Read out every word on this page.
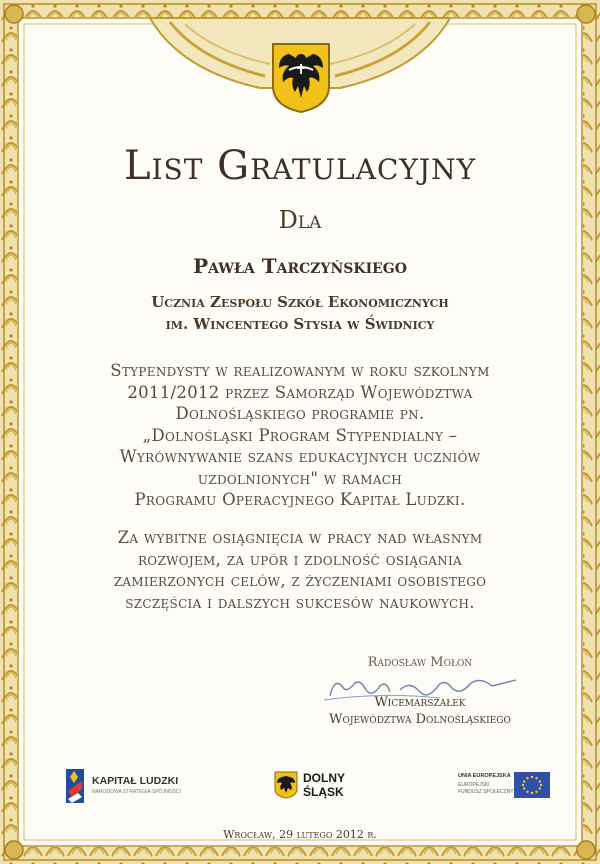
List Gratulacyjny
Dla
Pawła Tarczyńskiego
Ucznia Zespołu Szkół Ekonomicznych
im. Wincentego Stysia w Świdnicy
Stypendysty w realizowanym w roku szkolnym
2011/2012 przez Samorząd Województwa
Dolnośląskiego programie pn.
„Dolnośląski Program Stypendialny –
Wyrównywanie szans edukacyjnych uczniów
uzdolnionych" w ramach
Programu Operacyjnego Kapitał Ludzki.
Za wybitne osiągnięcia w pracy nad własnym
rozwojem, za upór i zdolność osiągania
zamierzonych celów, z życzeniami osobistego
szczęścia i dalszych sukcesów naukowych.
Radosław Mołoń
Wicemarszałek
Województwa Dolnośląskiego
KAPITAŁ LUDZKI
NARODOWA STRATEGIA SPÓJNOŚCI
DOLNY
ŚLĄSK
UNIA EUROPEJSKA
EUROPEJSKI
FUNDUSZ SPOŁECZNY
Wrocław, 29 lutego 2012 r.
